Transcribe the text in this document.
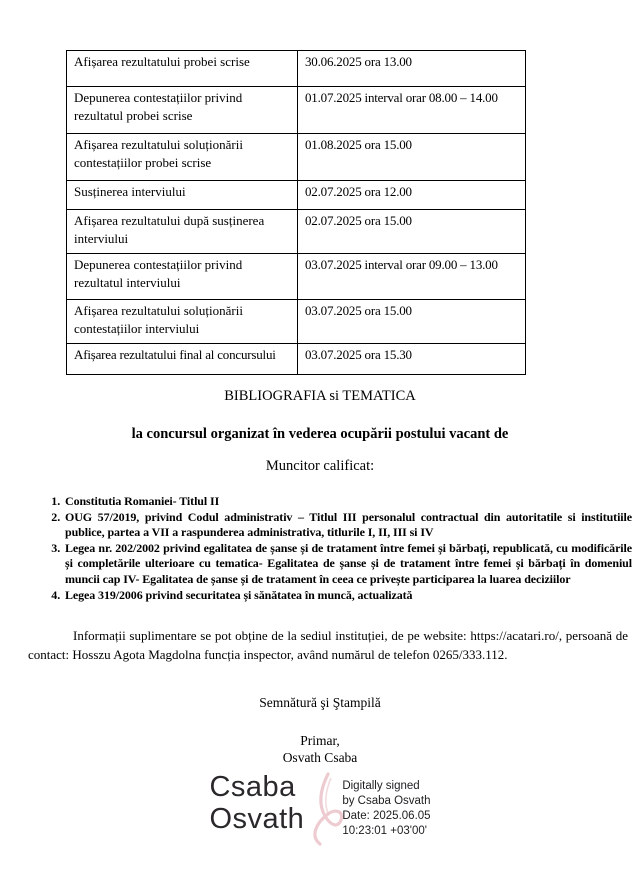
Afișarea rezultatului probei scrise	30.06.2025 ora 13.00
Depunerea contestațiilor privind rezultatul probei scrise	01.07.2025 interval orar 08.00 – 14.00
Afișarea rezultatului soluționării contestațiilor probei scrise	01.08.2025 ora 15.00
Susținerea interviului	02.07.2025 ora 12.00
Afișarea rezultatului după susținerea interviului	02.07.2025 ora 15.00
Depunerea contestațiilor privind rezultatul interviului	03.07.2025 interval orar 09.00 – 13.00
Afișarea rezultatului soluționării contestațiilor interviului	03.07.2025 ora 15.00
Afișarea rezultatului final al concursului	03.07.2025 ora 15.30
BIBLIOGRAFIA si TEMATICA
la concursul organizat în vederea ocupării postului vacant de
Muncitor calificat:
1. Constitutia Romaniei- Titlul II
2. OUG 57/2019, privind Codul administrativ – Titlul III personalul contractual din autoritatile si institutiile publice, partea a VII a raspunderea administrativa, titlurile I, II, III si IV
3. Legea nr. 202/2002 privind egalitatea de șanse și de tratament între femei și bărbați, republicată, cu modificările și completările ulterioare cu tematica- Egalitatea de șanse și de tratament între femei și bărbați în domeniul muncii cap IV- Egalitatea de șanse și de tratament în ceea ce privește participarea la luarea deciziilor
4. Legea 319/2006 privind securitatea și sănătatea în muncă, actualizată
Informații suplimentare se pot obține de la sediul instituției, de pe website: https://acatari.ro/, persoană de contact: Hosszu Agota Magdolna funcția inspector, având numărul de telefon 0265/333.112.
Semnătură şi Ştampilă
Primar,
Osvath Csaba
Csaba
Osvath
Digitally signed
by Csaba Osvath
Date: 2025.06.05
10:23:01 +03'00'
